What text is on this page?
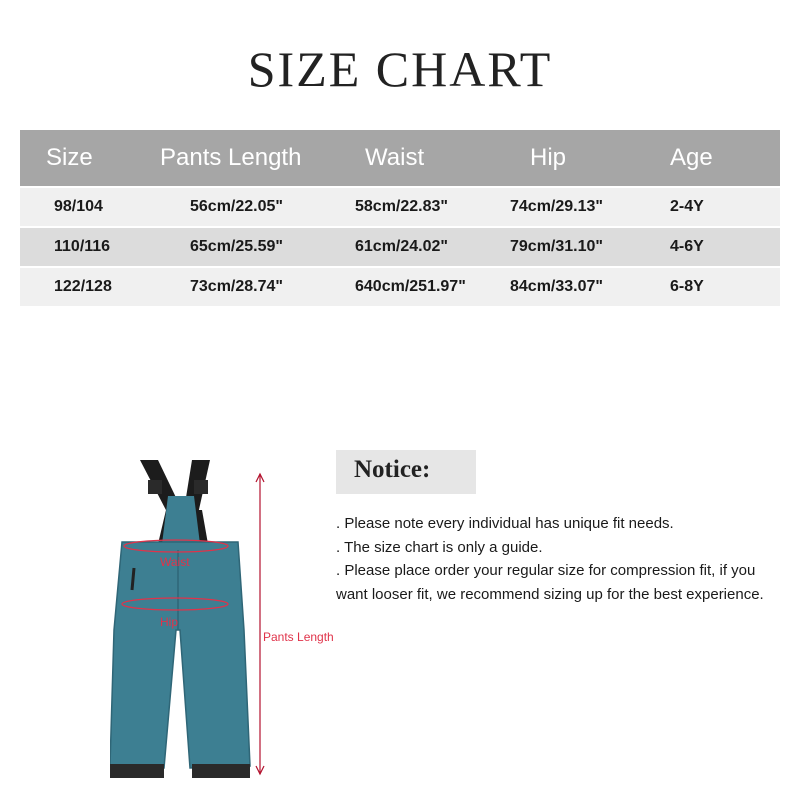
SIZE CHART
Size	Pants Length	Waist	Hip	Age
98/104	56cm/22.05"	58cm/22.83"	74cm/29.13"	2-4Y
110/116	65cm/25.59"	61cm/24.02"	79cm/31.10"	4-6Y
122/128	73cm/28.74"	640cm/251.97"	84cm/33.07"	6-8Y
Waist
Hip
Pants Length
Notice:
. Please note every individual has unique fit needs.
. The size chart is only a guide.
. Please place order your regular size for compression fit, if you want looser fit, we recommend sizing up for the best experience.
